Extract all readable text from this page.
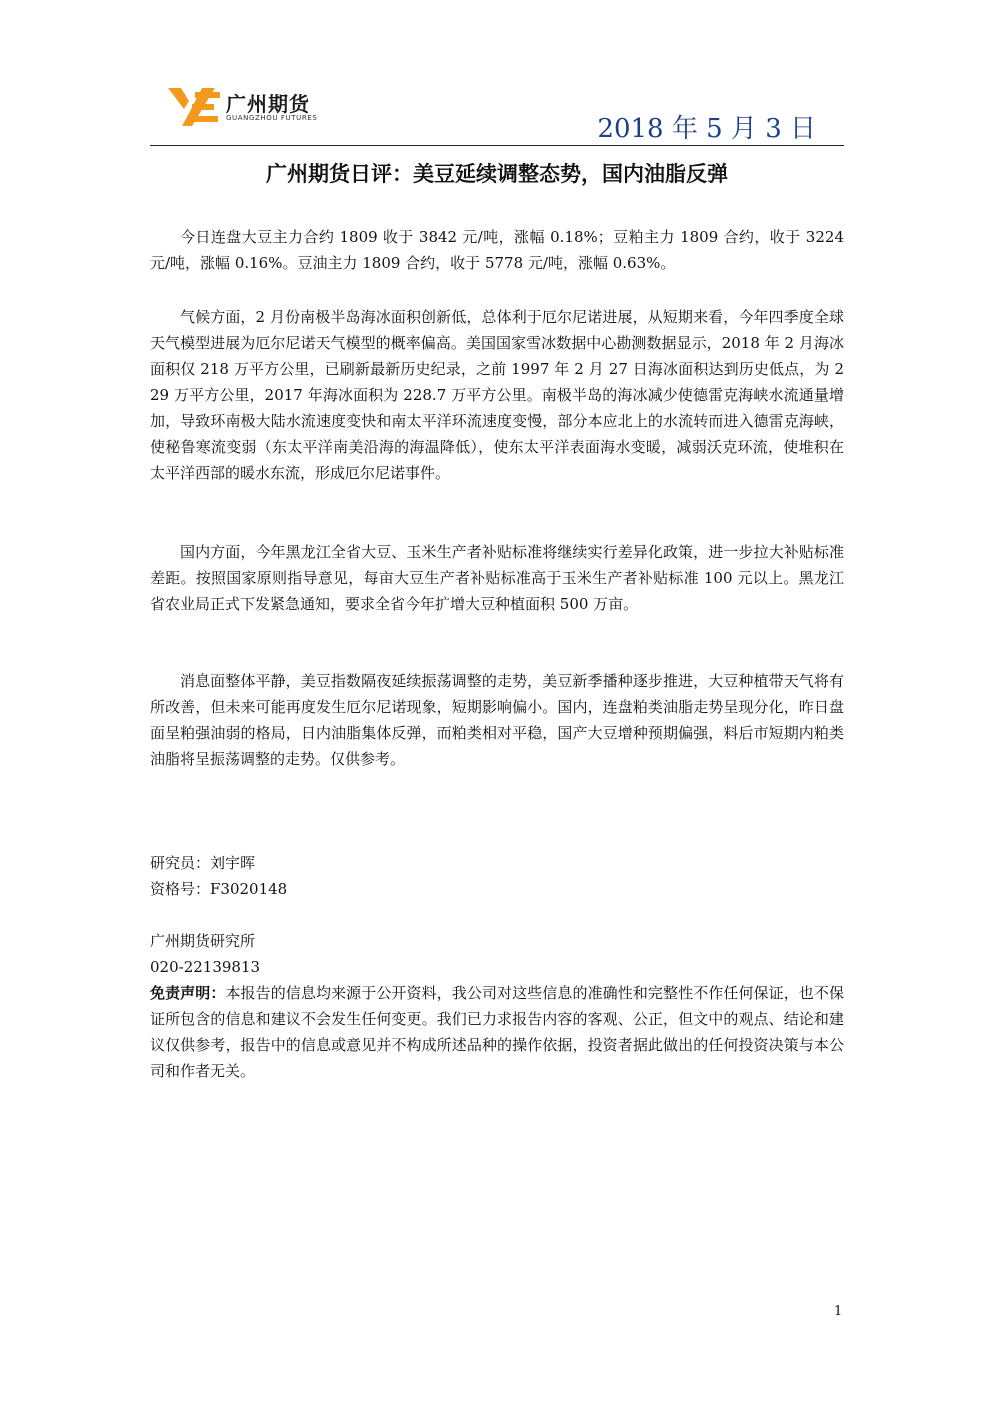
广州期货
GUANGZHOU FUTURES	2018 年 5 月 3 日
广州期货日评：美豆延续调整态势，国内油脂反弹

今日连盘大豆主力合约 1809 收于 3842 元/吨，涨幅 0.18%；豆粕主力 1809 合约，收于 3224 元/吨，涨幅 0.16%。豆油主力 1809 合约，收于 5778 元/吨，涨幅 0.63%。

气候方面，2 月份南极半岛海冰面积创新低，总体利于厄尔尼诺进展，从短期来看，今年四季度全球天气模型进展为厄尔尼诺天气模型的概率偏高。美国国家雪冰数据中心勘测数据显示，2018 年 2 月海冰面积仅 218 万平方公里，已刷新最新历史纪录，之前 1997 年 2 月 27 日海冰面积达到历史低点，为 229 万平方公里，2017 年海冰面积为 228.7 万平方公里。南极半岛的海冰减少使德雷克海峡水流通量增加，导致环南极大陆水流速度变快和南太平洋环流速度变慢，部分本应北上的水流转而进入德雷克海峡，使秘鲁寒流变弱（东太平洋南美沿海的海温降低），使东太平洋表面海水变暖，减弱沃克环流，使堆积在太平洋西部的暖水东流，形成厄尔尼诺事件。

国内方面，今年黑龙江全省大豆、玉米生产者补贴标准将继续实行差异化政策，进一步拉大补贴标准差距。按照国家原则指导意见，每亩大豆生产者补贴标准高于玉米生产者补贴标准 100 元以上。黑龙江省农业局正式下发紧急通知，要求全省今年扩增大豆种植面积 500 万亩。

消息面整体平静，美豆指数隔夜延续振荡调整的走势，美豆新季播种逐步推进，大豆种植带天气将有所改善，但未来可能再度发生厄尔尼诺现象，短期影响偏小。国内，连盘粕类油脂走势呈现分化，昨日盘面呈粕强油弱的格局，日内油脂集体反弹，而粕类相对平稳，国产大豆增种预期偏强，料后市短期内粕类油脂将呈振荡调整的走势。仅供参考。

研究员：刘宇晖

资格号：F3020148

广州期货研究所

020-22139813

免责声明：本报告的信息均来源于公开资料，我公司对这些信息的准确性和完整性不作任何保证，也不保证所包含的信息和建议不会发生任何变更。我们已力求报告内容的客观、公正，但文中的观点、结论和建议仅供参考，报告中的信息或意见并不构成所述品种的操作依据，投资者据此做出的任何投资决策与本公司和作者无关。

1
